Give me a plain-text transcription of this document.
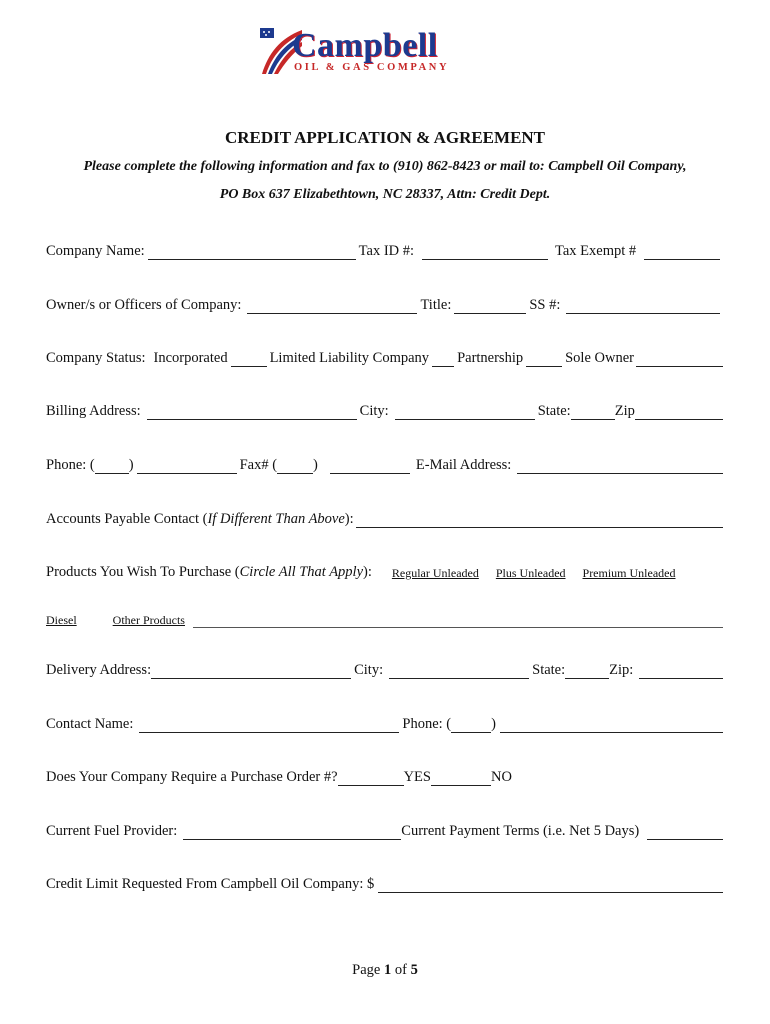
Campbell
OIL & GAS COMPANY
CREDIT APPLICATION & AGREEMENT
Please complete the following information and fax to (910) 862-8423 or mail to: Campbell Oil Company,
PO Box 637 Elizabethtown, NC 28337, Attn: Credit Dept.
Company Name:	Tax ID #:	Tax Exempt #
Owner/s or Officers of Company:	Title:	SS #:
Company Status: Incorporated	Limited Liability Company Partnership	Sole Owner
Billing Address:	City:	State:	Zip
Phone: ( )	Fax# ( )	E-Mail Address:
Accounts Payable Contact (If Different Than Above):
Products You Wish To Purchase (Circle All That Apply): Regular Unleaded Plus Unleaded Premium Unleaded
Diesel	Other Products
Delivery Address:	City:	State:	Zip:
Contact Name:	Phone: (	)
Does Your Company Require a Purchase Order #?	YES	NO
Current Fuel Provider:	Current Payment Terms (i.e. Net 5 Days)
Credit Limit Requested From Campbell Oil Company: $
Page 1 of 5
